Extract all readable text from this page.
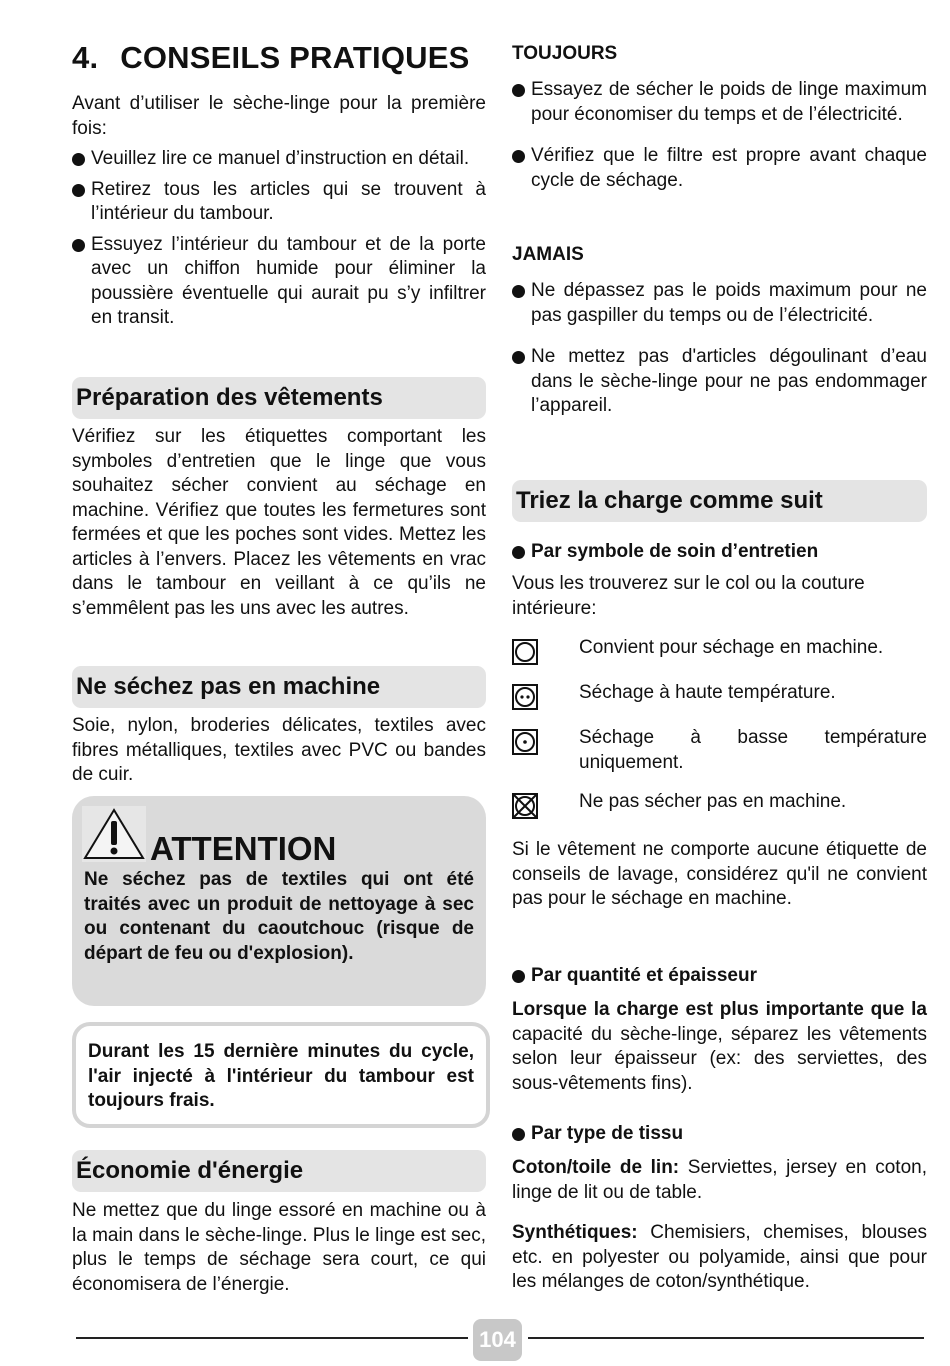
4. CONSEILS PRATIQUES

Avant d’utiliser le sèche-linge pour la première fois:

Veuillez lire ce manuel d’instruction en détail.

Retirez tous les articles qui se trouvent à l’intérieur du tambour.

Essuyez l’intérieur du tambour et de la porte avec un chiffon humide pour éliminer la poussière éventuelle qui aurait pu s’y infiltrer en transit.

Préparation des vêtements

Vérifiez sur les étiquettes comportant les symboles d’entretien que le linge que vous souhaitez sécher convient au séchage en machine. Vérifiez que toutes les fermetures sont fermées et que les poches sont vides. Mettez les articles à l’envers. Placez les vêtements en vrac dans le tambour en veillant à ce qu’ils ne s’emmêlent pas les uns avec les autres.

Ne séchez pas en machine

Soie, nylon, broderies délicates, textiles avec fibres métalliques, textiles avec PVC ou bandes de cuir.

ATTENTION

Ne séchez pas de textiles qui ont été traités avec un produit de nettoyage à sec ou contenant du caoutchouc (risque de départ de feu ou d'explosion).

Durant les 15 dernière minutes du cycle, l'air injecté à l'intérieur du tambour est toujours frais.

Économie d'énergie

Ne mettez que du linge essoré en machine ou à la main dans le sèche-linge. Plus le linge est sec, plus le temps de séchage sera court, ce qui économisera de l’énergie.

TOUJOURS

Essayez de sécher le poids de linge maximum pour économiser du temps et de l’électricité.

Vérifiez que le filtre est propre avant chaque cycle de séchage.

JAMAIS

Ne dépassez pas le poids maximum pour ne pas gaspiller du temps ou de l’électricité.

Ne mettez pas d'articles dégoulinant d’eau dans le sèche-linge pour ne pas endommager l’appareil.

Triez la charge comme suit

Par symbole de soin d’entretien

Vous les trouverez sur le col ou la couture intérieure:

Convient pour séchage en machine.

Séchage à haute température.

Séchage à basse température uniquement.

Ne pas sécher pas en machine.

Si le vêtement ne comporte aucune étiquette de conseils de lavage, considérez qu'il ne convient pas pour le séchage en machine.

Par quantité et épaisseur

Lorsque la charge est plus importante que la capacité du sèche-linge, séparez les vêtements selon leur épaisseur (ex: des serviettes, des sous-vêtements fins).

Par type de tissu

Coton/toile de lin: Serviettes, jersey en coton, linge de lit ou de table.

Synthétiques: Chemisiers, chemises, blouses etc. en polyester ou polyamide, ainsi que pour les mélanges de coton/synthétique.

104
